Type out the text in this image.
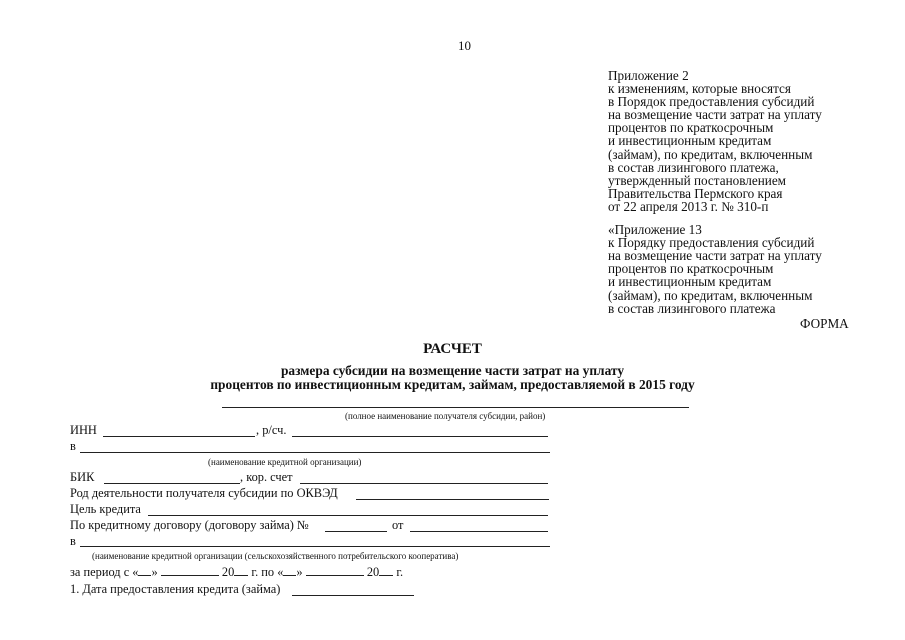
10
Приложение 2
к изменениям, которые вносятся
в Порядок предоставления субсидий
на возмещение части затрат на уплату
процентов по краткосрочным
и инвестиционным кредитам
(займам), по кредитам, включенным
в состав лизингового платежа,
утвержденный постановлением
Правительства Пермского края
от 22 апреля 2013 г. № 310-п
«Приложение 13
к Порядку предоставления субсидий
на возмещение части затрат на уплату
процентов по краткосрочным
и инвестиционным кредитам
(займам), по кредитам, включенным
в состав лизингового платежа
ФОРМА
РАСЧЕТ
размера субсидии на возмещение части затрат на уплату
процентов по инвестиционным кредитам, займам, предоставляемой в 2015 году
(полное наименование получателя субсидии, район)
ИНН	, р/сч.
в
(наименование кредитной организации)
БИК	, кор. счет
Род деятельности получателя субсидии по ОКВЭД
Цель кредита
По кредитному договору (договору займа) №	от
в
(наименование кредитной организации (сельскохозяйственного потребительского кооператива)
за период с « »	20 г. по « »	20 г.
1. Дата предоставления кредита (займа)
